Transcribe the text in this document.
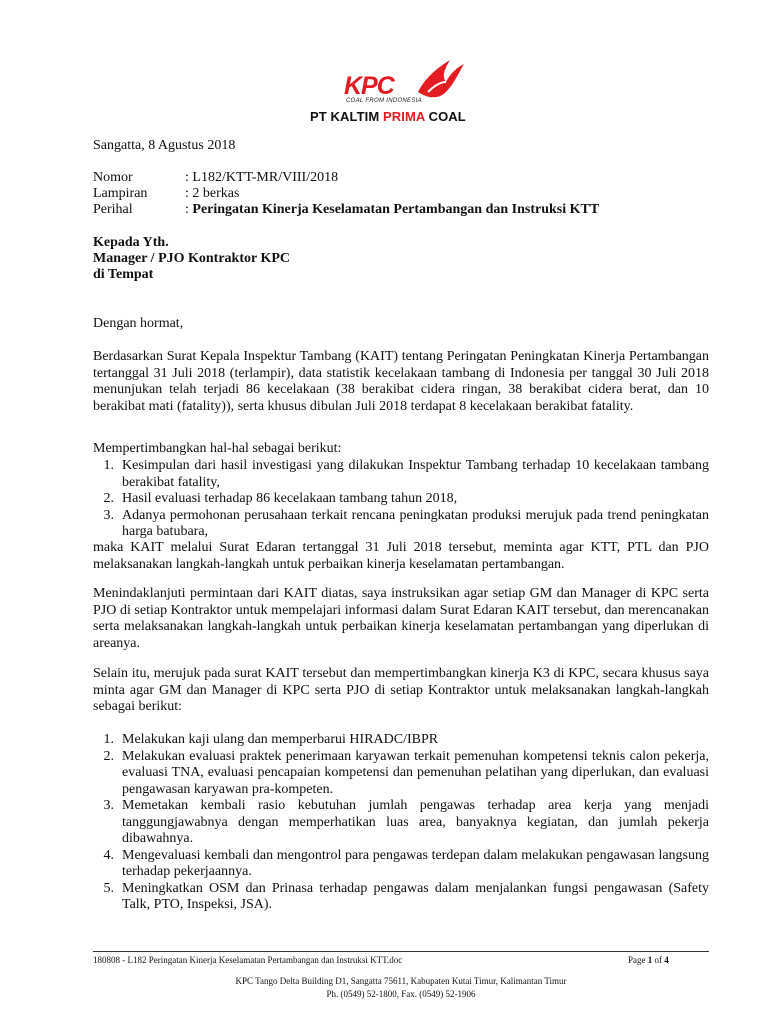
KPC
COAL FROM INDONESIA
PT KALTIM PRIMA COAL
Sangatta, 8 Agustus 2018
Nomor	: L182/KTT-MR/VIII/2018
Lampiran	: 2 berkas
Perihal	: Peringatan Kinerja Keselamatan Pertambangan dan Instruksi KTT
Kepada Yth.
Manager / PJO Kontraktor KPC
di Tempat
Dengan hormat,
Berdasarkan Surat Kepala Inspektur Tambang (KAIT) tentang Peringatan Peningkatan Kinerja Pertambangan tertanggal 31 Juli 2018 (terlampir), data statistik kecelakaan tambang di Indonesia per tanggal 30 Juli 2018 menunjukan telah terjadi 86 kecelakaan (38 berakibat cidera ringan, 38 berakibat cidera berat, dan 10 berakibat mati (fatality)), serta khusus dibulan Juli 2018 terdapat 8 kecelakaan berakibat fatality.
Mempertimbangkan hal-hal sebagai berikut:
1. Kesimpulan dari hasil investigasi yang dilakukan Inspektur Tambang terhadap 10 kecelakaan tambang berakibat fatality,
2. Hasil evaluasi terhadap 86 kecelakaan tambang tahun 2018,
3. Adanya permohonan perusahaan terkait rencana peningkatan produksi merujuk pada trend peningkatan harga batubara,
maka KAIT melalui Surat Edaran tertanggal 31 Juli 2018 tersebut, meminta agar KTT, PTL dan PJO melaksanakan langkah-langkah untuk perbaikan kinerja keselamatan pertambangan.
Menindaklanjuti permintaan dari KAIT diatas, saya instruksikan agar setiap GM dan Manager di KPC serta PJO di setiap Kontraktor untuk mempelajari informasi dalam Surat Edaran KAIT tersebut, dan merencanakan serta melaksanakan langkah-langkah untuk perbaikan kinerja keselamatan pertambangan yang diperlukan di areanya.
Selain itu, merujuk pada surat KAIT tersebut dan mempertimbangkan kinerja K3 di KPC, secara khusus saya minta agar GM dan Manager di KPC serta PJO di setiap Kontraktor untuk melaksanakan langkah-langkah sebagai berikut:
1. Melakukan kaji ulang dan memperbarui HIRADC/IBPR
2. Melakukan evaluasi praktek penerimaan karyawan terkait pemenuhan kompetensi teknis calon pekerja, evaluasi TNA, evaluasi pencapaian kompetensi dan pemenuhan pelatihan yang diperlukan, dan evaluasi pengawasan karyawan pra-kompeten.
3. Memetakan kembali rasio kebutuhan jumlah pengawas terhadap area kerja yang menjadi tanggungjawabnya dengan memperhatikan luas area, banyaknya kegiatan, dan jumlah pekerja dibawahnya.
4. Mengevaluasi kembali dan mengontrol para pengawas terdepan dalam melakukan pengawasan langsung terhadap pekerjaannya.
5. Meningkatkan OSM dan Prinasa terhadap pengawas dalam menjalankan fungsi pengawasan (Safety Talk, PTO, Inspeksi, JSA).
180808 - L182 Peringatan Kinerja Keselamatan Pertambangan dan Instruksi KTT.doc	Page 1 of 4
KPC Tango Delta Building D1, Sangatta 75611, Kabupaten Kutai Timur, Kalimantan Timur
Ph. (0549) 52-1800, Fax. (0549) 52-1906
